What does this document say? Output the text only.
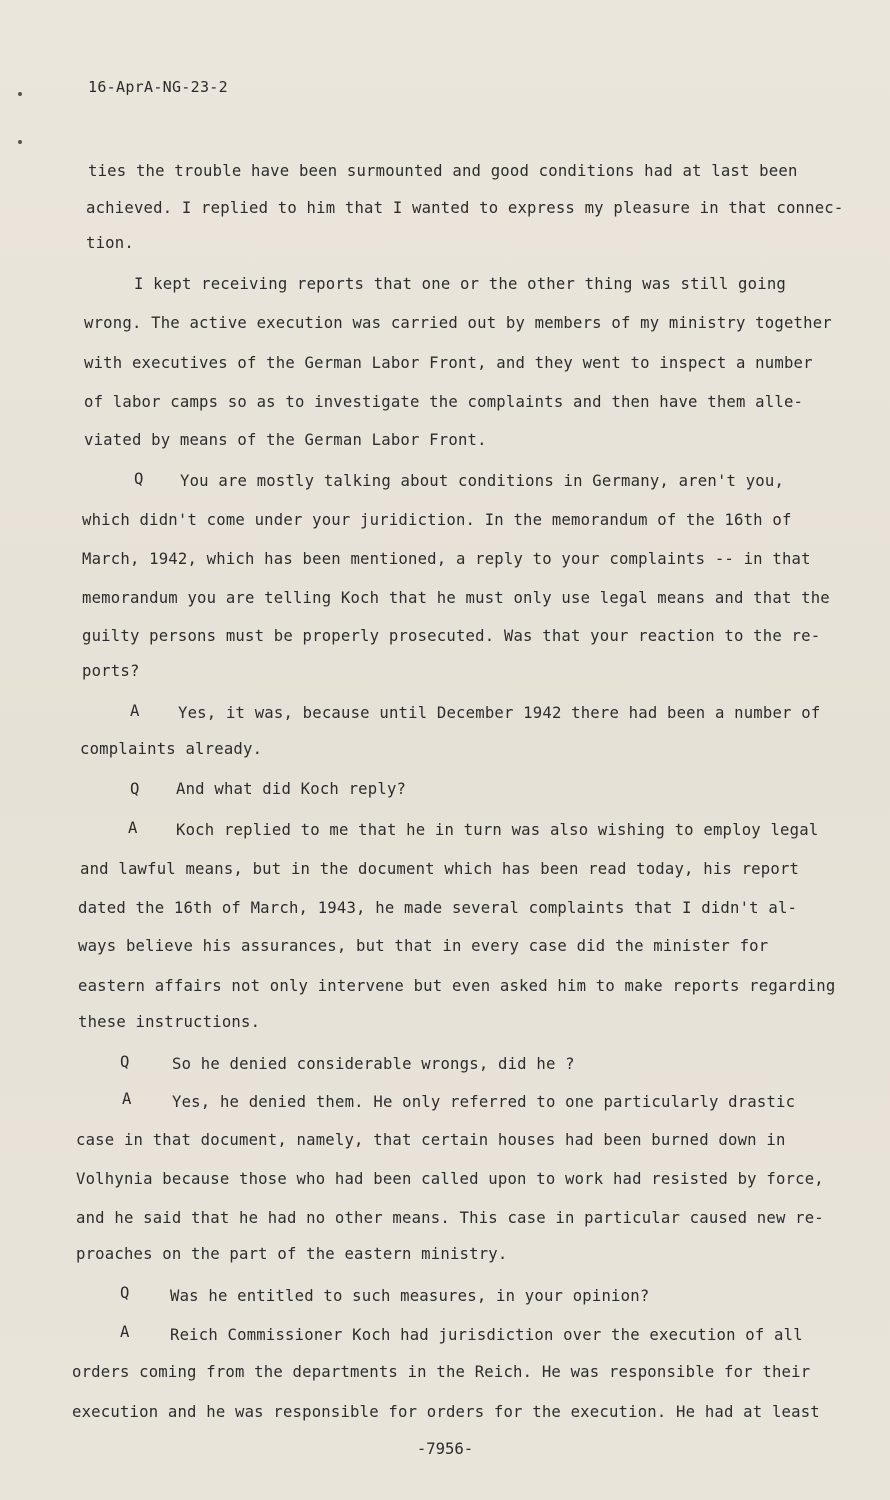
16-AprA-NG-23-2
ties the trouble have been surmounted and good conditions had at last been
achieved. I replied to him that I wanted to express my pleasure in that connec-
tion.
I kept receiving reports that one or the other thing was still going
wrong. The active execution was carried out by members of my ministry together
with executives of the German Labor Front, and they went to inspect a number
of labor camps so as to investigate the complaints and then have them alle-
viated by means of the German Labor Front.
Q You are mostly talking about conditions in Germany, aren't you,
which didn't come under your juridiction. In the memorandum of the 16th of
March, 1942, which has been mentioned, a reply to your complaints -- in that
memorandum you are telling Koch that he must only use legal means and that the
guilty persons must be properly prosecuted. Was that your reaction to the re-
ports?
A Yes, it was, because until December 1942 there had been a number of
complaints already.
Q And what did Koch reply?
A Koch replied to me that he in turn was also wishing to employ legal
and lawful means, but in the document which has been read today, his report
dated the 16th of March, 1943, he made several complaints that I didn't al-
ways believe his assurances, but that in every case did the minister for
eastern affairs not only intervene but even asked him to make reports regarding
these instructions.
Q	So he denied considerable wrongs, did he ?
A	Yes, he denied them. He only referred to one particularly drastic
case in that document, namely, that certain houses had been burned down in
Volhynia because those who had been called upon to work had resisted by force,
and he said that he had no other means. This case in particular caused new re-
proaches on the part of the eastern ministry.
Q	Was he entitled to such measures, in your opinion?
A	Reich Commissioner Koch had jurisdiction over the execution of all
orders coming from the departments in the Reich. He was responsible for their
execution and he was responsible for orders for the execution. He had at least
-7956-
